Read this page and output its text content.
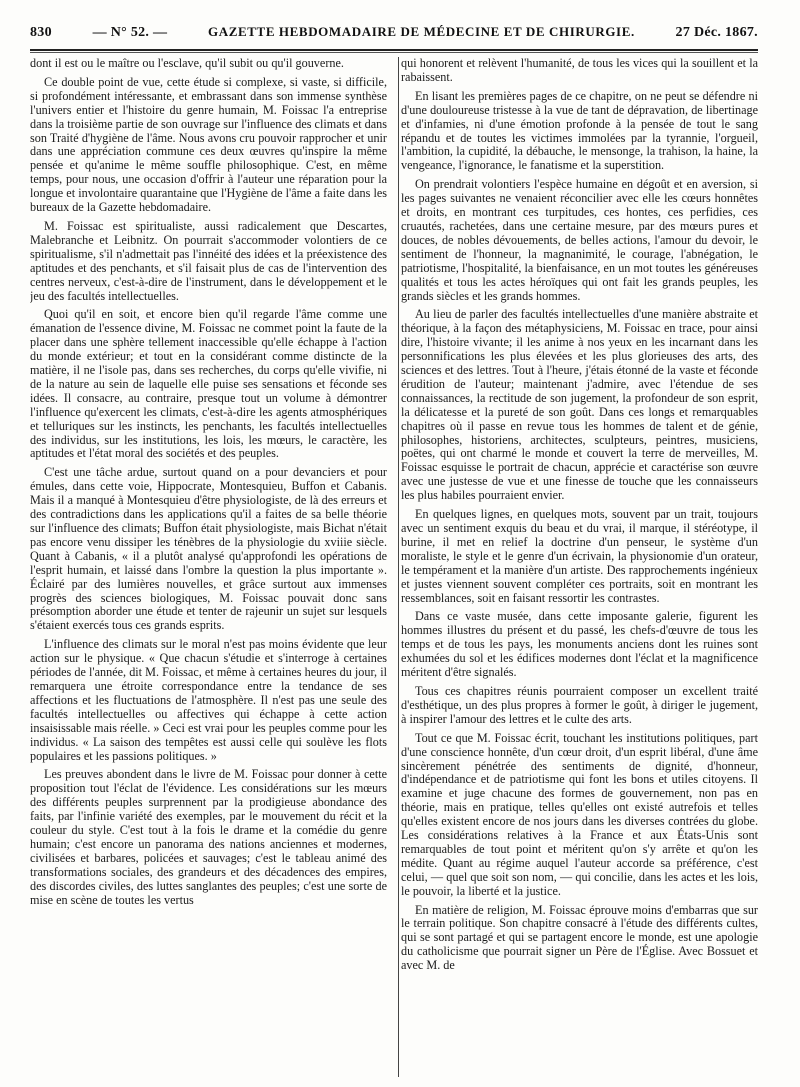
830	— N° 52. —	GAZETTE HEBDOMADAIRE DE MÉDECINE ET DE CHIRURGIE.	27 Déc. 1867.

dont il est ou le maître ou l'esclave, qu'il subit ou qu'il gouverne.

Ce double point de vue, cette étude si complexe, si vaste, si difficile, si profondément intéressante, et embrassant dans son immense synthèse l'univers entier et l'histoire du genre humain, M. Foissac l'a entreprise dans la troisième partie de son ouvrage sur l'influence des climats et dans son Traité d'hygiène de l'âme. Nous avons cru pouvoir rapprocher et unir dans une appréciation commune ces deux œuvres qu'inspire la même pensée et qu'anime le même souffle philosophique. C'est, en même temps, pour nous, une occasion d'offrir à l'auteur une réparation pour la longue et involontaire quarantaine que l'Hygiène de l'âme a faite dans les bureaux de la Gazette hebdomadaire.

M. Foissac est spiritualiste, aussi radicalement que Descartes, Malebranche et Leibnitz. On pourrait s'accommoder volontiers de ce spiritualisme, s'il n'admettait pas l'innéité des idées et la préexistence des aptitudes et des penchants, et s'il faisait plus de cas de l'intervention des centres nerveux, c'est-à-dire de l'instrument, dans le développement et le jeu des facultés intellectuelles.

Quoi qu'il en soit, et encore bien qu'il regarde l'âme comme une émanation de l'essence divine, M. Foissac ne commet point la faute de la placer dans une sphère tellement inaccessible qu'elle échappe à l'action du monde extérieur; et tout en la considérant comme distincte de la matière, il ne l'isole pas, dans ses recherches, du corps qu'elle vivifie, ni de la nature au sein de laquelle elle puise ses sensations et féconde ses idées. Il consacre, au contraire, presque tout un volume à démontrer l'influence qu'exercent les climats, c'est-à-dire les agents atmosphériques et telluriques sur les instincts, les penchants, les facultés intellectuelles des individus, sur les institutions, les lois, les mœurs, le caractère, les aptitudes et l'état moral des sociétés et des peuples.

C'est une tâche ardue, surtout quand on a pour devanciers et pour émules, dans cette voie, Hippocrate, Montesquieu, Buffon et Cabanis. Mais il a manqué à Montesquieu d'être physiologiste, de là des erreurs et des contradictions dans les applications qu'il a faites de sa belle théorie sur l'influence des climats; Buffon était physiologiste, mais Bichat n'était pas encore venu dissiper les ténèbres de la physiologie du xviiie siècle. Quant à Cabanis, « il a plutôt analysé qu'approfondi les opérations de l'esprit humain, et laissé dans l'ombre la question la plus importante ». Éclairé par des lumières nouvelles, et grâce surtout aux immenses progrès des sciences biologiques, M. Foissac pouvait donc sans présomption aborder une étude et tenter de rajeunir un sujet sur lesquels s'étaient exercés tous ces grands esprits.

L'influence des climats sur le moral n'est pas moins évidente que leur action sur le physique. « Que chacun s'étudie et s'interroge à certaines périodes de l'année, dit M. Foissac, et même à certaines heures du jour, il remarquera une étroite correspondance entre la tendance de ses affections et les fluctuations de l'atmosphère. Il n'est pas une seule des facultés intellectuelles ou affectives qui échappe à cette action insaisissable mais réelle. » Ceci est vrai pour les peuples comme pour les individus. « La saison des tempêtes est aussi celle qui soulève les flots populaires et les passions politiques. »

Les preuves abondent dans le livre de M. Foissac pour donner à cette proposition tout l'éclat de l'évidence. Les considérations sur les mœurs des différents peuples surprennent par la prodigieuse abondance des faits, par l'infinie variété des exemples, par le mouvement du récit et la couleur du style. C'est tout à la fois le drame et la comédie du genre humain; c'est encore un panorama des nations anciennes et modernes, civilisées et barbares, policées et sauvages; c'est le tableau animé des transformations sociales, des grandeurs et des décadences des empires, des discordes civiles, des luttes sanglantes des peuples; c'est une sorte de mise en scène de toutes les vertus

qui honorent et relèvent l'humanité, de tous les vices qui la souillent et la rabaissent.

En lisant les premières pages de ce chapitre, on ne peut se défendre ni d'une douloureuse tristesse à la vue de tant de dépravation, de libertinage et d'infamies, ni d'une émotion profonde à la pensée de tout le sang répandu et de toutes les victimes immolées par la tyrannie, l'orgueil, l'ambition, la cupidité, la débauche, le mensonge, la trahison, la haine, la vengeance, l'ignorance, le fanatisme et la superstition.

On prendrait volontiers l'espèce humaine en dégoût et en aversion, si les pages suivantes ne venaient réconcilier avec elle les cœurs honnêtes et droits, en montrant ces turpitudes, ces hontes, ces perfidies, ces cruautés, rachetées, dans une certaine mesure, par des mœurs pures et douces, de nobles dévouements, de belles actions, l'amour du devoir, le sentiment de l'honneur, la magnanimité, le courage, l'abnégation, le patriotisme, l'hospitalité, la bienfaisance, en un mot toutes les généreuses qualités et tous les actes héroïques qui ont fait les grands peuples, les grands siècles et les grands hommes.

Au lieu de parler des facultés intellectuelles d'une manière abstraite et théorique, à la façon des métaphysiciens, M. Foissac en trace, pour ainsi dire, l'histoire vivante; il les anime à nos yeux en les incarnant dans les personnifications les plus élevées et les plus glorieuses des arts, des sciences et des lettres. Tout à l'heure, j'étais étonné de la vaste et féconde érudition de l'auteur; maintenant j'admire, avec l'étendue de ses connaissances, la rectitude de son jugement, la profondeur de son esprit, la délicatesse et la pureté de son goût. Dans ces longs et remarquables chapitres où il passe en revue tous les hommes de talent et de génie, philosophes, historiens, architectes, sculpteurs, peintres, musiciens, poëtes, qui ont charmé le monde et couvert la terre de merveilles, M. Foissac esquisse le portrait de chacun, apprécie et caractérise son œuvre avec une justesse de vue et une finesse de touche que les connaisseurs les plus habiles pourraient envier.

En quelques lignes, en quelques mots, souvent par un trait, toujours avec un sentiment exquis du beau et du vrai, il marque, il stéréotype, il burine, il met en relief la doctrine d'un penseur, le système d'un moraliste, le style et le genre d'un écrivain, la physionomie d'un orateur, le tempérament et la manière d'un artiste. Des rapprochements ingénieux et justes viennent souvent compléter ces portraits, soit en montrant les ressemblances, soit en faisant ressortir les contrastes.

Dans ce vaste musée, dans cette imposante galerie, figurent les hommes illustres du présent et du passé, les chefs-d'œuvre de tous les temps et de tous les pays, les monuments anciens dont les ruines sont exhumées du sol et les édifices modernes dont l'éclat et la magnificence méritent d'être signalés.

Tous ces chapitres réunis pourraient composer un excellent traité d'esthétique, un des plus propres à former le goût, à diriger le jugement, à inspirer l'amour des lettres et le culte des arts.

Tout ce que M. Foissac écrit, touchant les institutions politiques, part d'une conscience honnête, d'un cœur droit, d'un esprit libéral, d'une âme sincèrement pénétrée des sentiments de dignité, d'honneur, d'indépendance et de patriotisme qui font les bons et utiles citoyens. Il examine et juge chacune des formes de gouvernement, non pas en théorie, mais en pratique, telles qu'elles ont existé autrefois et telles qu'elles existent encore de nos jours dans les diverses contrées du globe. Les considérations relatives à la France et aux États-Unis sont remarquables de tout point et méritent qu'on s'y arrête et qu'on les médite. Quant au régime auquel l'auteur accorde sa préférence, c'est celui, — quel que soit son nom, — qui concilie, dans les actes et les lois, le pouvoir, la liberté et la justice.

En matière de religion, M. Foissac éprouve moins d'embarras que sur le terrain politique. Son chapitre consacré à l'étude des différents cultes, qui se sont partagé et qui se partagent encore le monde, est une apologie du catholicisme que pourrait signer un Père de l'Église. Avec Bossuet et avec M. de
